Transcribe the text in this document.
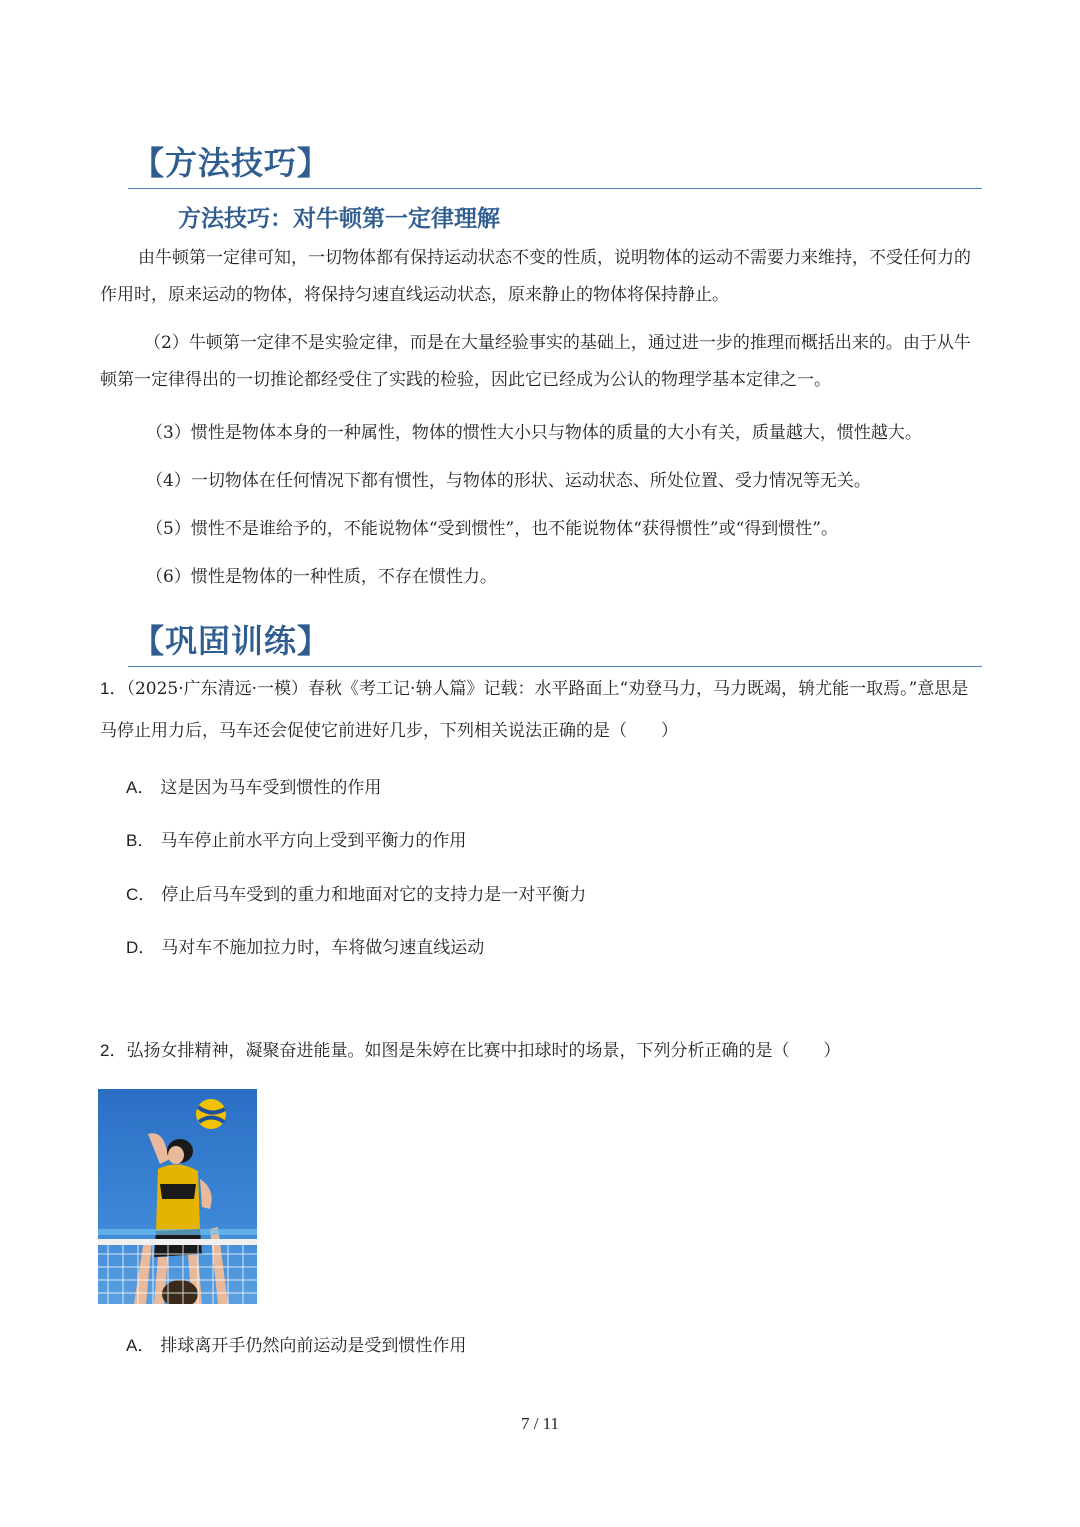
【方法技巧】
方法技巧：对牛顿第一定律理解
由牛顿第一定律可知，一切物体都有保持运动状态不变的性质，说明物体的运动不需要力来维持，不受任何力的作用时，原来运动的物体，将保持匀速直线运动状态，原来静止的物体将保持静止。
（2）牛顿第一定律不是实验定律，而是在大量经验事实的基础上，通过进一步的推理而概括出来的。由于从牛顿第一定律得出的一切推论都经受住了实践的检验，因此它已经成为公认的物理学基本定律之一。
（3）惯性是物体本身的一种属性，物体的惯性大小只与物体的质量的大小有关，质量越大，惯性越大。
（4）一切物体在任何情况下都有惯性，与物体的形状、运动状态、所处位置、受力情况等无关。
（5）惯性不是谁给予的，不能说物体“受到惯性”，也不能说物体“获得惯性”或“得到惯性”。
（6）惯性是物体的一种性质，不存在惯性力。
【巩固训练】
1．（2025·广东清远·一模）春秋《考工记·辀人篇》记载：水平路面上“劝登马力，马力既竭，辀尤能一取焉。”意思是马停止用力后，马车还会促使它前进好几步，下列相关说法正确的是（　　）
A． 这是因为马车受到惯性的作用
B． 马车停止前水平方向上受到平衡力的作用
C． 停止后马车受到的重力和地面对它的支持力是一对平衡力
D． 马对车不施加拉力时，车将做匀速直线运动
2．弘扬女排精神，凝聚奋进能量。如图是朱婷在比赛中扣球时的场景，下列分析正确的是（　　）
A． 排球离开手仍然向前运动是受到惯性作用
7 / 11
